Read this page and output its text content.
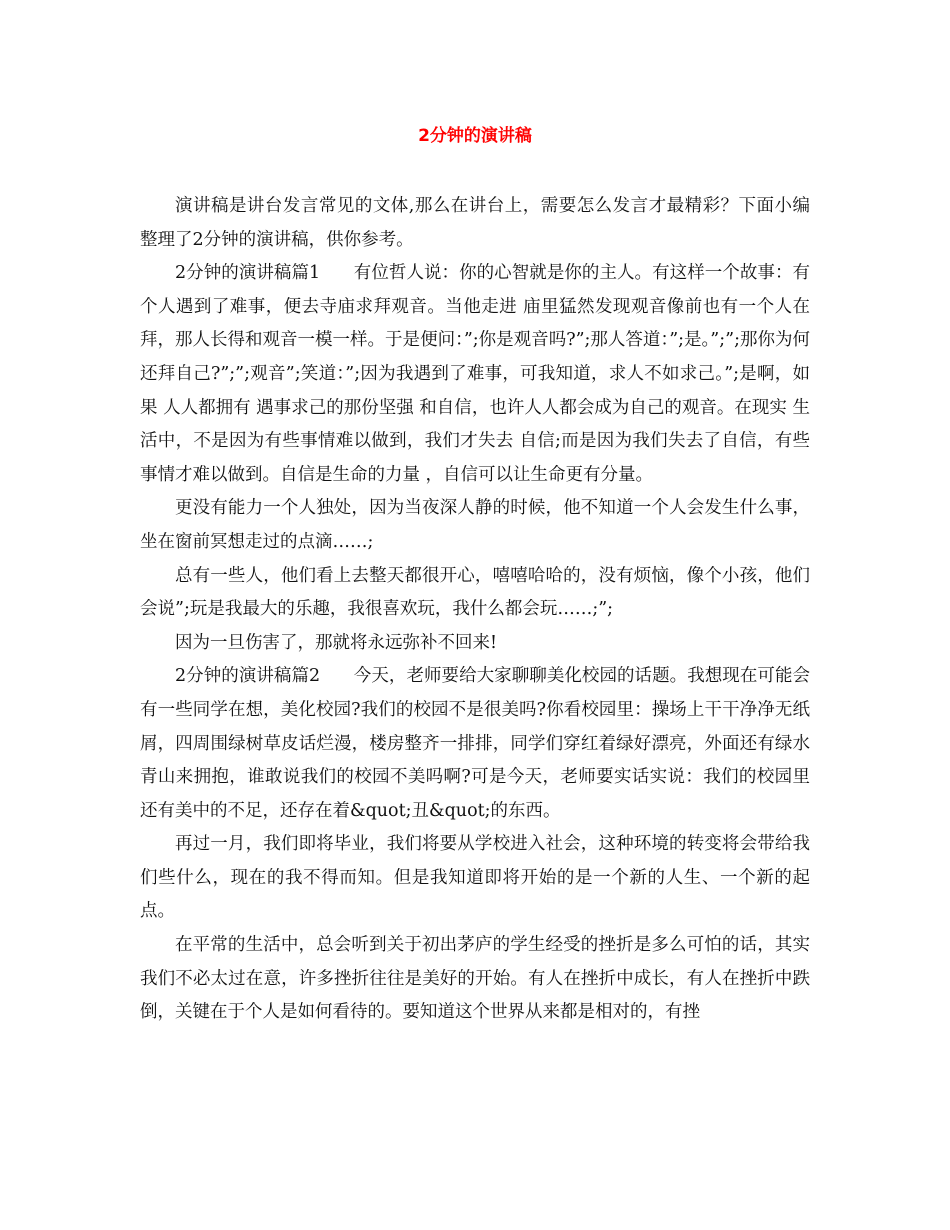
2分钟的演讲稿

演讲稿是讲台发言常见的文体,那么在讲台上，需要怎么发言才最精彩？下面小编整理了2分钟的演讲稿，供你参考。

2分钟的演讲稿篇1      有位哲人说：你的心智就是你的主人。有这样一个故事：有个人遇到了难事，便去寺庙求拜观音。当他走进 庙里猛然发现观音像前也有一个人在拜，那人长得和观音一模一样。于是便问：”;你是观音吗?”;那人答道：”;是。”;”;那你为何还拜自己?”;”;观音”;笑道：”;因为我遇到了难事，可我知道，求人不如求己。”;是啊，如果 人人都拥有 遇事求己的那份坚强 和自信，也许人人都会成为自己的观音。在现实 生活中，不是因为有些事情难以做到，我们才失去 自信;而是因为我们失去了自信，有些事情才难以做到。自信是生命的力量 ，自信可以让生命更有分量。

更没有能力一个人独处，因为当夜深人静的时候，他不知道一个人会发生什么事，坐在窗前冥想走过的点滴……;

总有一些人，他们看上去整天都很开心，嘻嘻哈哈的，没有烦恼，像个小孩，他们会说”;玩是我最大的乐趣，我很喜欢玩，我什么都会玩……;”;

因为一旦伤害了，那就将永远弥补不回来!

2分钟的演讲稿篇2      今天，老师要给大家聊聊美化校园的话题。我想现在可能会有一些同学在想，美化校园?我们的校园不是很美吗?你看校园里：操场上干干净净无纸屑，四周围绿树草皮话烂漫，楼房整齐一排排，同学们穿红着绿好漂亮，外面还有绿水青山来拥抱，谁敢说我们的校园不美吗啊?可是今天，老师要实话实说：我们的校园里还有美中的不足，还存在着&quot;丑&quot;的东西。

再过一月，我们即将毕业，我们将要从学校进入社会，这种环境的转变将会带给我们些什么，现在的我不得而知。但是我知道即将开始的是一个新的人生、一个新的起点。

在平常的生活中，总会听到关于初出茅庐的学生经受的挫折是多么可怕的话，其实我们不必太过在意，许多挫折往往是美好的开始。有人在挫折中成长，有人在挫折中跌倒，关键在于个人是如何看待的。要知道这个世界从来都是相对的，有挫
